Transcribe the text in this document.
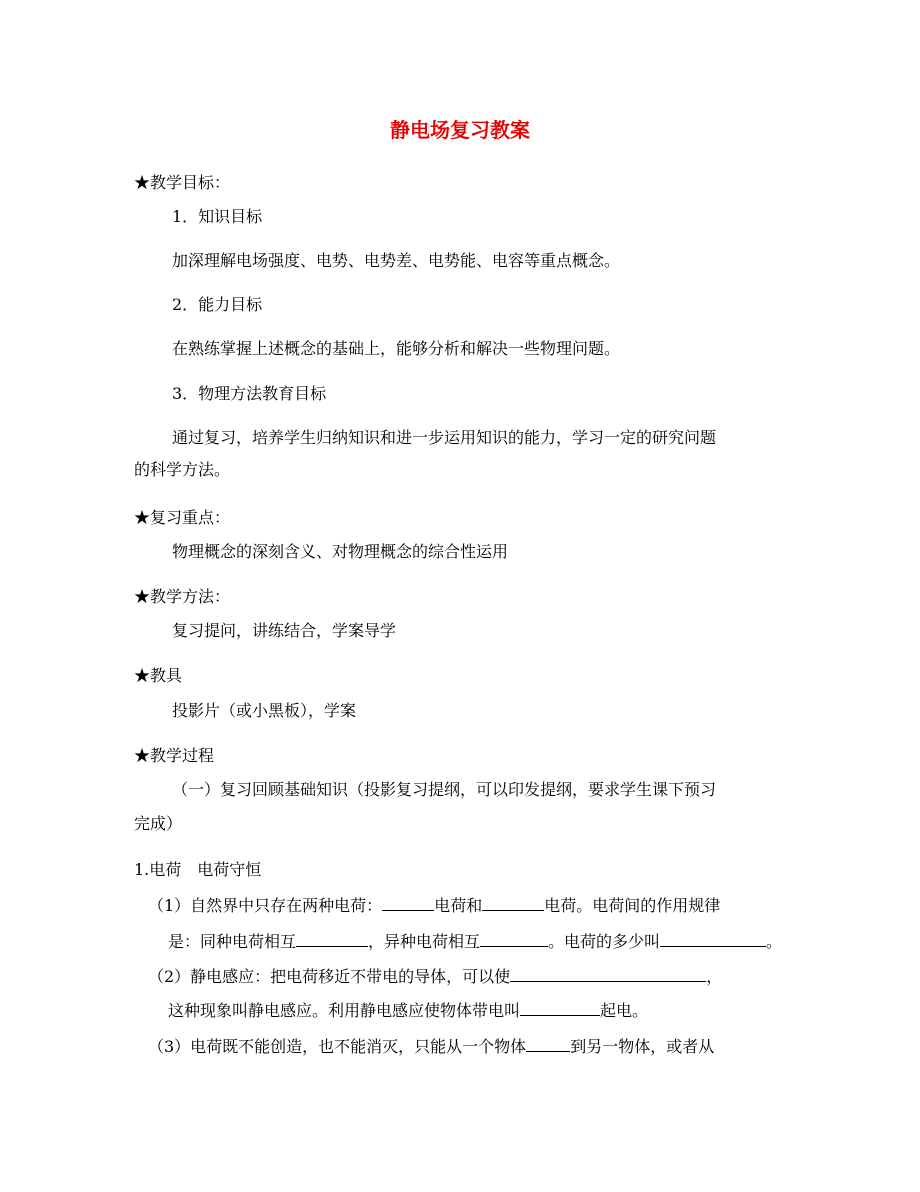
静电场复习教案
★教学目标：
1．知识目标
加深理解电场强度、电势、电势差、电势能、电容等重点概念。
2．能力目标
在熟练掌握上述概念的基础上，能够分析和解决一些物理问题。
3．物理方法教育目标
通过复习，培养学生归纳知识和进一步运用知识的能力，学习一定的研究问题
的科学方法。
★复习重点：
物理概念的深刻含义、对物理概念的综合性运用
★教学方法：
复习提问，讲练结合，学案导学
★教具
投影片（或小黑板），学案
★教学过程
（一）复习回顾基础知识（投影复习提纲，可以印发提纲，要求学生课下预习
完成）
1.电荷　电荷守恒
（1）自然界中只存在两种电荷：	电荷和	电荷。电荷间的作用规律
是：同种电荷相互	，异种电荷相互	。电荷的多少叫	。
（2）静电感应：把电荷移近不带电的导体，可以使	，
这种现象叫静电感应。利用静电感应使物体带电叫	起电。
（3）电荷既不能创造，也不能消灭，只能从一个物体	到另一物体，或者从
